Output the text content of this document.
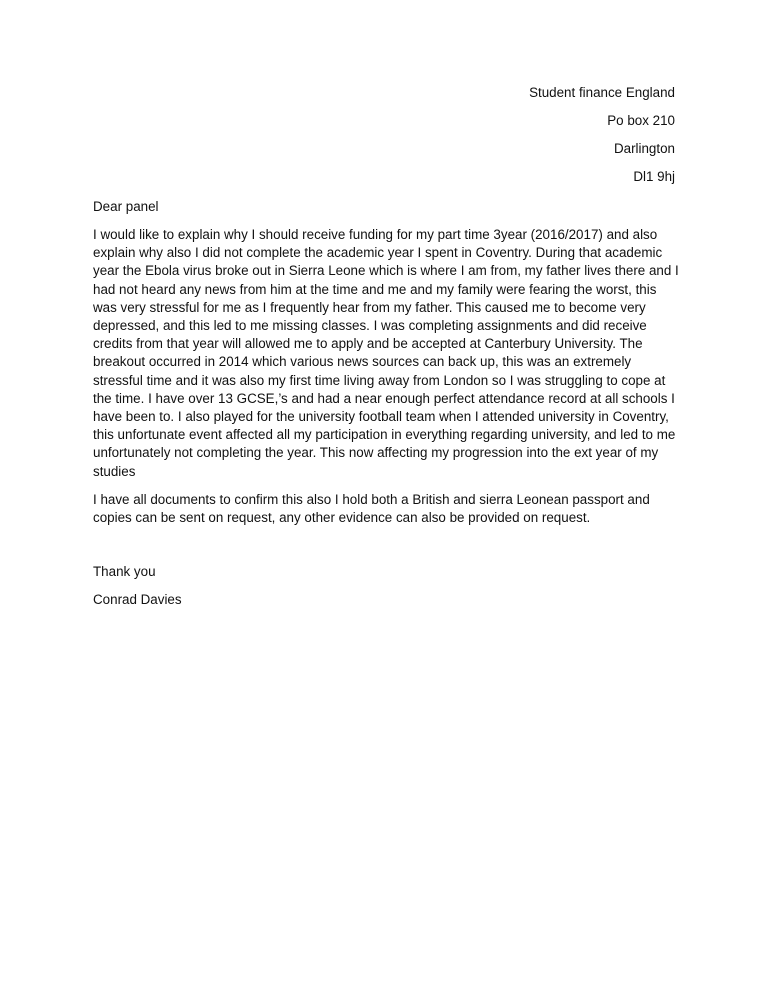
Student finance England
Po box 210
Darlington
Dl1 9hj
Dear panel

I would like to explain why I should receive funding for my part time 3year (2016/2017) and also explain why also I did not complete the academic year I spent in Coventry. During that academic year the Ebola virus broke out in Sierra Leone which is where I am from, my father lives there and I had not heard any news from him at the time and me and my family were fearing the worst, this was very stressful for me as I frequently hear from my father. This caused me to become very depressed, and this led to me missing classes. I was completing assignments and did receive credits from that year will allowed me to apply and be accepted at Canterbury University. The breakout occurred in 2014 which various news sources can back up, this was an extremely stressful time and it was also my first time living away from London so I was struggling to cope at the time. I have over 13 GCSE,’s and had a near enough perfect attendance record at all schools I have been to. I also played for the university football team when I attended university in Coventry, this unfortunate event affected all my participation in everything regarding university, and led to me unfortunately not completing the year. This now affecting my progression into the ext year of my studies

I have all documents to confirm this also I hold both a British and sierra Leonean passport and copies can be sent on request, any other evidence can also be provided on request.

Thank you
Conrad Davies
